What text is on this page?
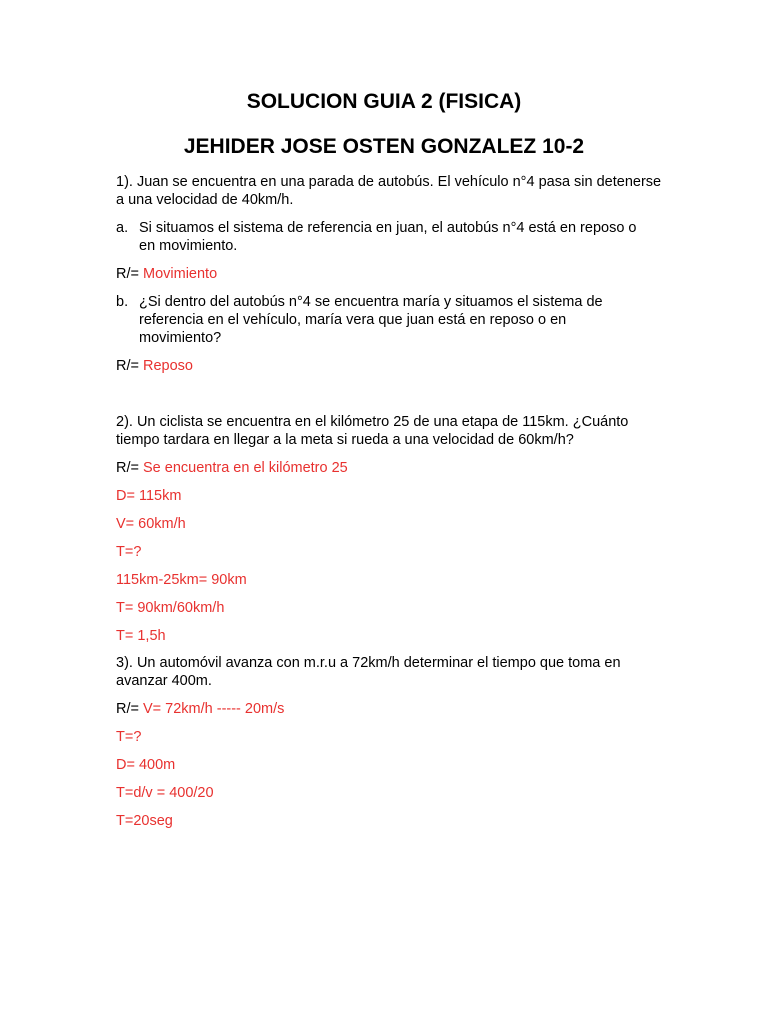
SOLUCION GUIA 2 (FISICA)
JEHIDER JOSE OSTEN GONZALEZ 10-2

1). Juan se encuentra en una parada de autobús. El vehículo n°4 pasa sin detenerse

a una velocidad de 40km/h.

a. Si situamos el sistema de referencia en juan, el autobús n°4 está en reposo o

en movimiento.

R/= Movimiento

b. ¿Si dentro del autobús n°4 se encuentra maría y situamos el sistema de

referencia en el vehículo, maría vera que juan está en reposo o en

movimiento?

R/= Reposo

2). Un ciclista se encuentra en el kilómetro 25 de una etapa de 115km. ¿Cuánto

tiempo tardara en llegar a la meta si rueda a una velocidad de 60km/h?

R/= Se encuentra en el kilómetro 25

D= 115km

V= 60km/h

T=?

115km-25km= 90km

T= 90km/60km/h

T= 1,5h

3). Un automóvil avanza con m.r.u a 72km/h determinar el tiempo que toma en

avanzar 400m.

R/= V= 72km/h ----- 20m/s

T=?

D= 400m

T=d/v = 400/20

T=20seg
